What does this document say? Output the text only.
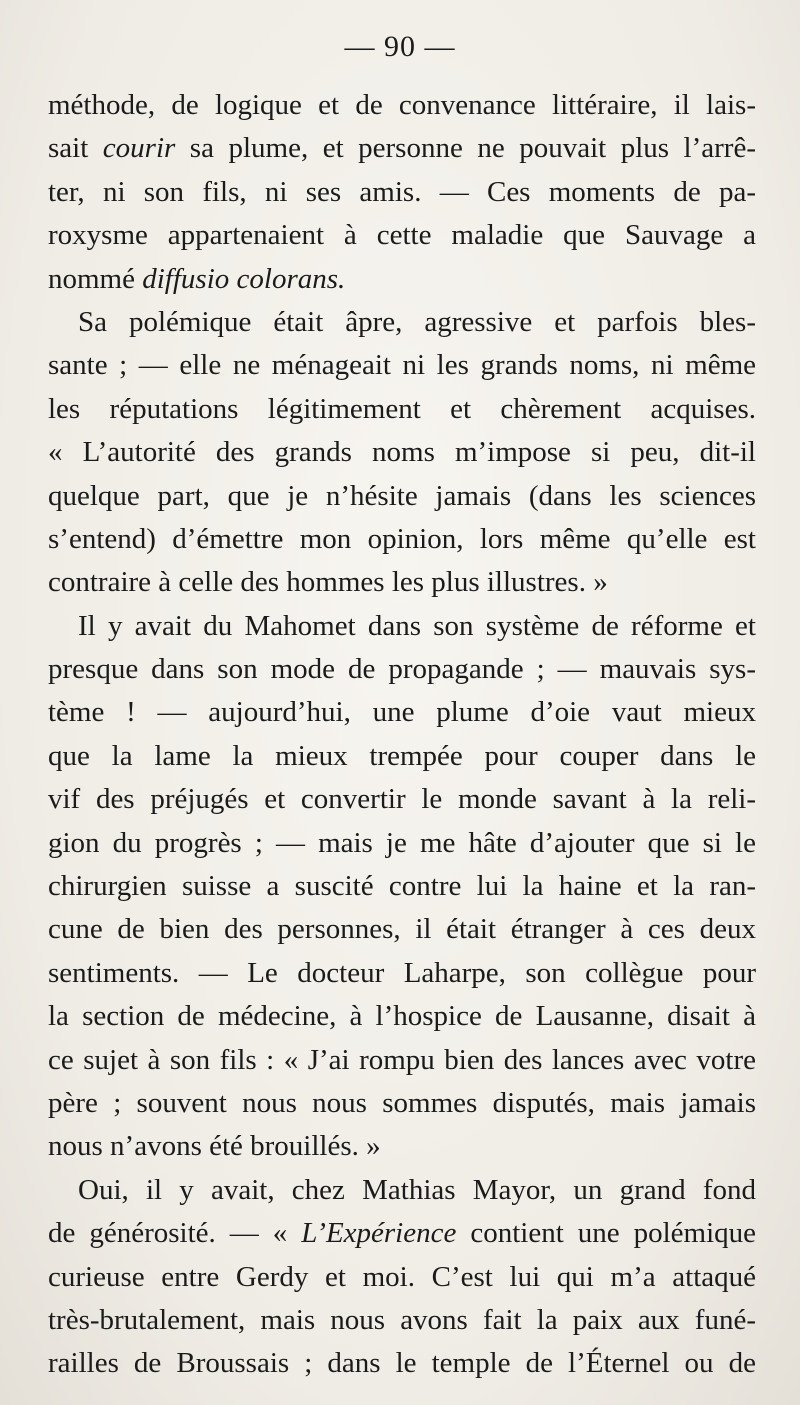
— 90 —
méthode, de logique et de convenance littéraire, il lais-
sait courir sa plume, et personne ne pouvait plus l’arrê-
ter, ni son fils, ni ses amis. — Ces moments de pa-
roxysme appartenaient à cette maladie que Sauvage a
nommé diffusio colorans.
Sa polémique était âpre, agressive et parfois bles-
sante ; — elle ne ménageait ni les grands noms, ni même
les réputations légitimement et chèrement acquises.
« L’autorité des grands noms m’impose si peu, dit-il
quelque part, que je n’hésite jamais (dans les sciences
s’entend) d’émettre mon opinion, lors même qu’elle est
contraire à celle des hommes les plus illustres. »
Il y avait du Mahomet dans son système de réforme et
presque dans son mode de propagande ; — mauvais sys-
tème ! — aujourd’hui, une plume d’oie vaut mieux
que la lame la mieux trempée pour couper dans le
vif des préjugés et convertir le monde savant à la reli-
gion du progrès ; — mais je me hâte d’ajouter que si le
chirurgien suisse a suscité contre lui la haine et la ran-
cune de bien des personnes, il était étranger à ces deux
sentiments. — Le docteur Laharpe, son collègue pour
la section de médecine, à l’hospice de Lausanne, disait à
ce sujet à son fils : « J’ai rompu bien des lances avec votre
père ; souvent nous nous sommes disputés, mais jamais
nous n’avons été brouillés. »
Oui, il y avait, chez Mathias Mayor, un grand fond
de générosité. — « L’Expérience contient une polémique
curieuse entre Gerdy et moi. C’est lui qui m’a attaqué
très-brutalement, mais nous avons fait la paix aux funé-
railles de Broussais ; dans le temple de l’Éternel ou de
